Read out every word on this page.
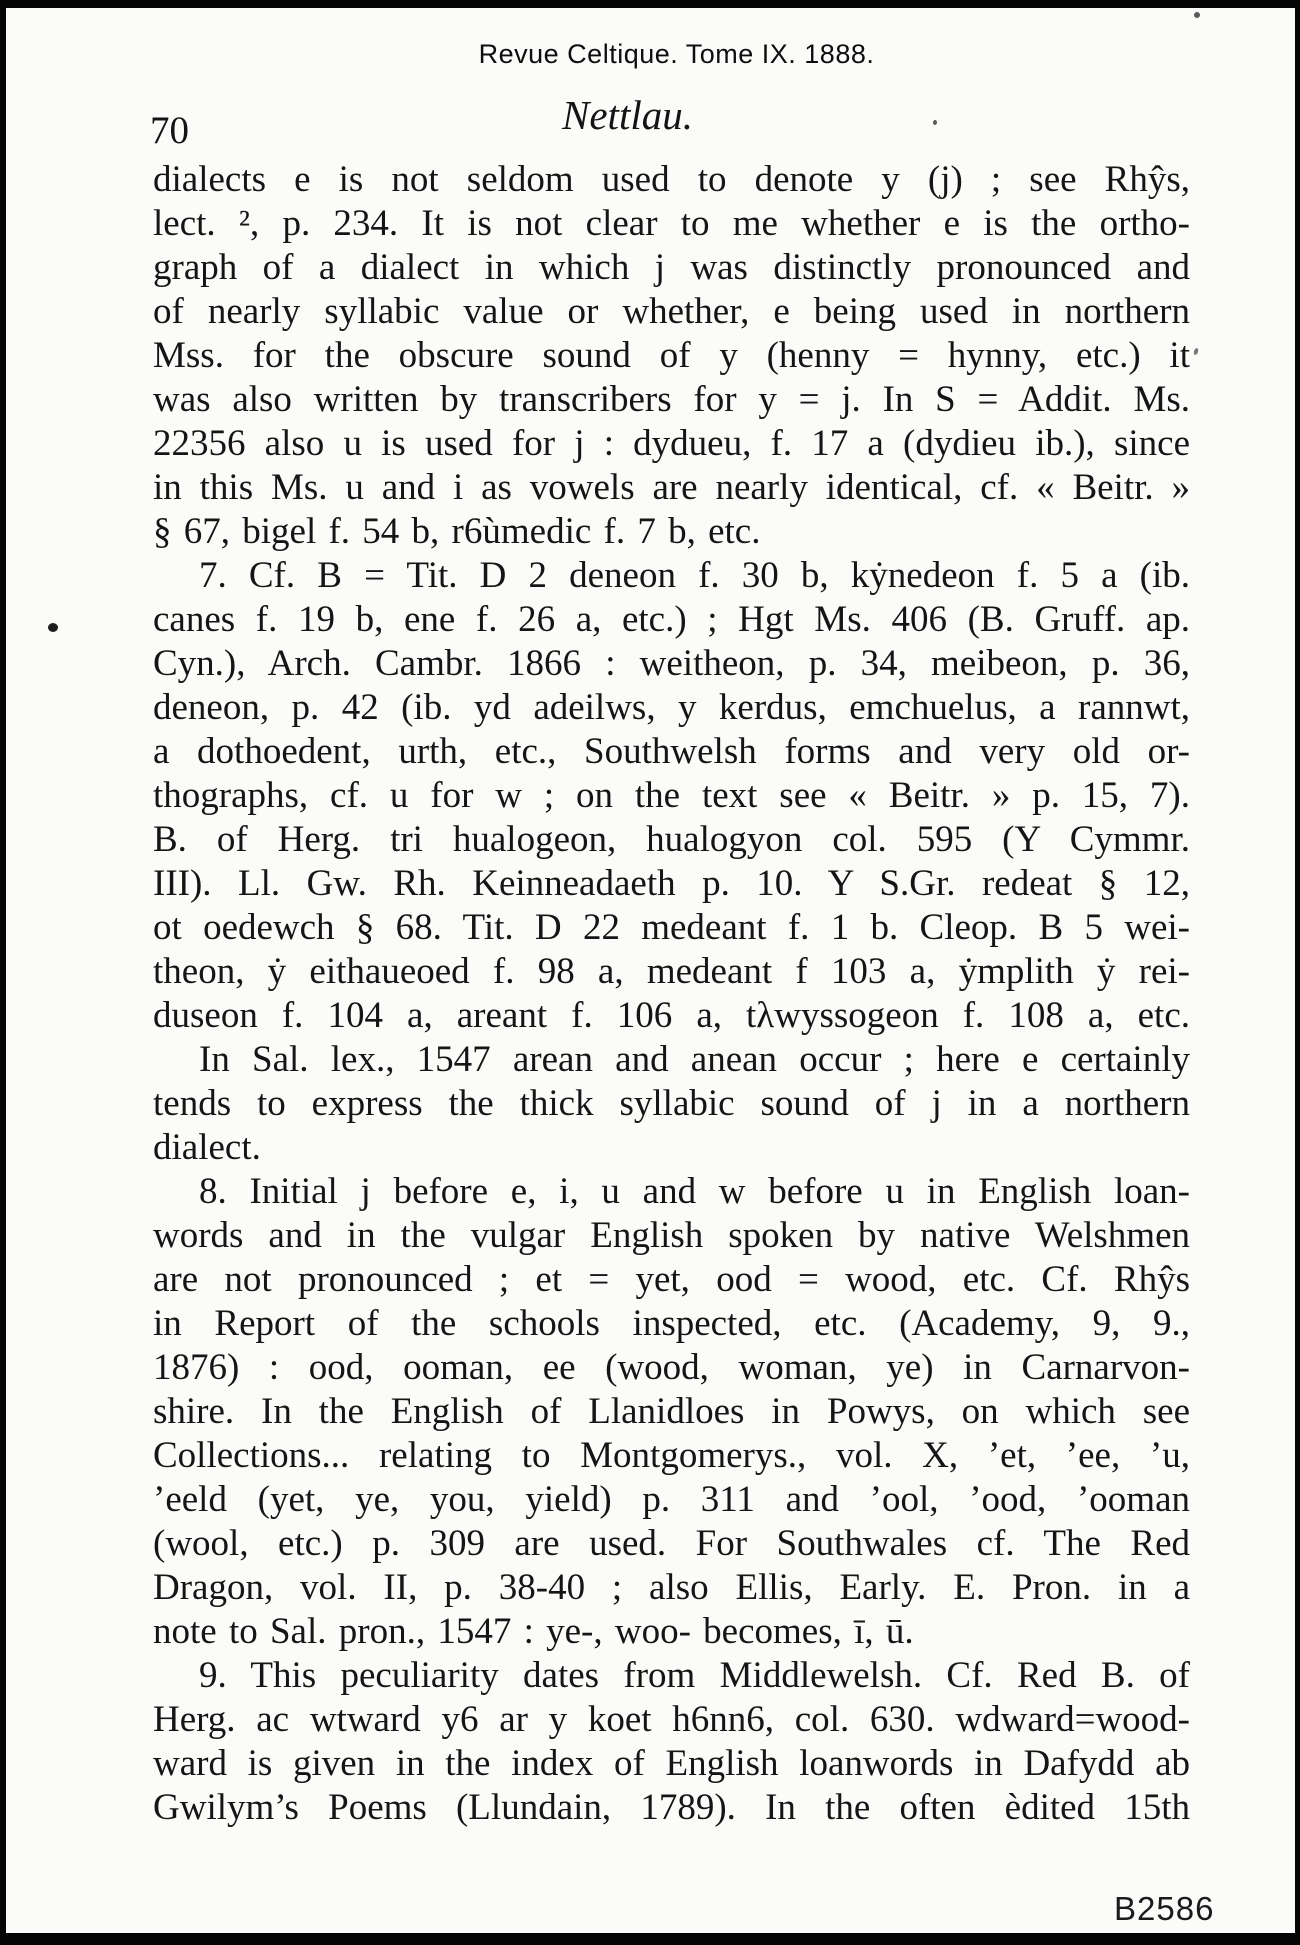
Revue Celtique. Tome IX. 1888.
70	Nettlau.
dialects e is not seldom used to denote y (j) ; see Rhŷs,
lect. ², p. 234. It is not clear to me whether e is the ortho-
graph of a dialect in which j was distinctly pronounced and
of nearly syllabic value or whether, e being used in northern
Mss. for the obscure sound of y (henny = hynny, etc.) it
was also written by transcribers for y = j. In S = Addit. Ms.
22356 also u is used for j : dydueu, f. 17 a (dydieu ib.), since
in this Ms. u and i as vowels are nearly identical, cf. « Beitr. »
§ 67, bigel f. 54 b, r6ùmedic f. 7 b, etc.
7. Cf. B = Tit. D 2 deneon f. 30 b, kẏnedeon f. 5 a (ib.
canes f. 19 b, ene f. 26 a, etc.) ; Hgt Ms. 406 (B. Gruff. ap.
Cyn.), Arch. Cambr. 1866 : weitheon, p. 34, meibeon, p. 36,
deneon, p. 42 (ib. yd adeilws, y kerdus, emchuelus, a rannwt,
a dothoedent, urth, etc., Southwelsh forms and very old or-
thographs, cf. u for w ; on the text see « Beitr. » p. 15, 7).
B. of Herg. tri hualogeon, hualogyon col. 595 (Y Cymmr.
III). Ll. Gw. Rh. Keinneadaeth p. 10. Y S.Gr. redeat § 12,
ot oedewch § 68. Tit. D 22 medeant f. 1 b. Cleop. B 5 wei-
theon, ẏ eithaueoed f. 98 a, medeant f 103 a, ẏmplith ẏ rei-
duseon f. 104 a, areant f. 106 a, tλwyssogeon f. 108 a, etc.
In Sal. lex., 1547 arean and anean occur ; here e certainly
tends to express the thick syllabic sound of j in a northern
dialect.
8. Initial j before e, i, u and w before u in English loan-
words and in the vulgar English spoken by native Welshmen
are not pronounced ; et = yet, ood = wood, etc. Cf. Rhŷs
in Report of the schools inspected, etc. (Academy, 9, 9.,
1876) : ood, ooman, ee (wood, woman, ye) in Carnarvon-
shire. In the English of Llanidloes in Powys, on which see
Collections... relating to Montgomerys., vol. X, ’et, ’ee, ’u,
’eeld (yet, ye, you, yield) p. 311 and ’ool, ’ood, ’ooman
(wool, etc.) p. 309 are used. For Southwales cf. The Red
Dragon, vol. II, p. 38-40 ; also Ellis, Early. E. Pron. in a
note to Sal. pron., 1547 : ye-, woo- becomes, ī, ū.
9. This peculiarity dates from Middlewelsh. Cf. Red B. of
Herg. ac wtward y6 ar y koet h6nn6, col. 630. wdward=wood-
ward is given in the index of English loanwords in Dafydd ab
Gwilym’s Poems (Llundain, 1789). In the often èdited 15th
B2586
